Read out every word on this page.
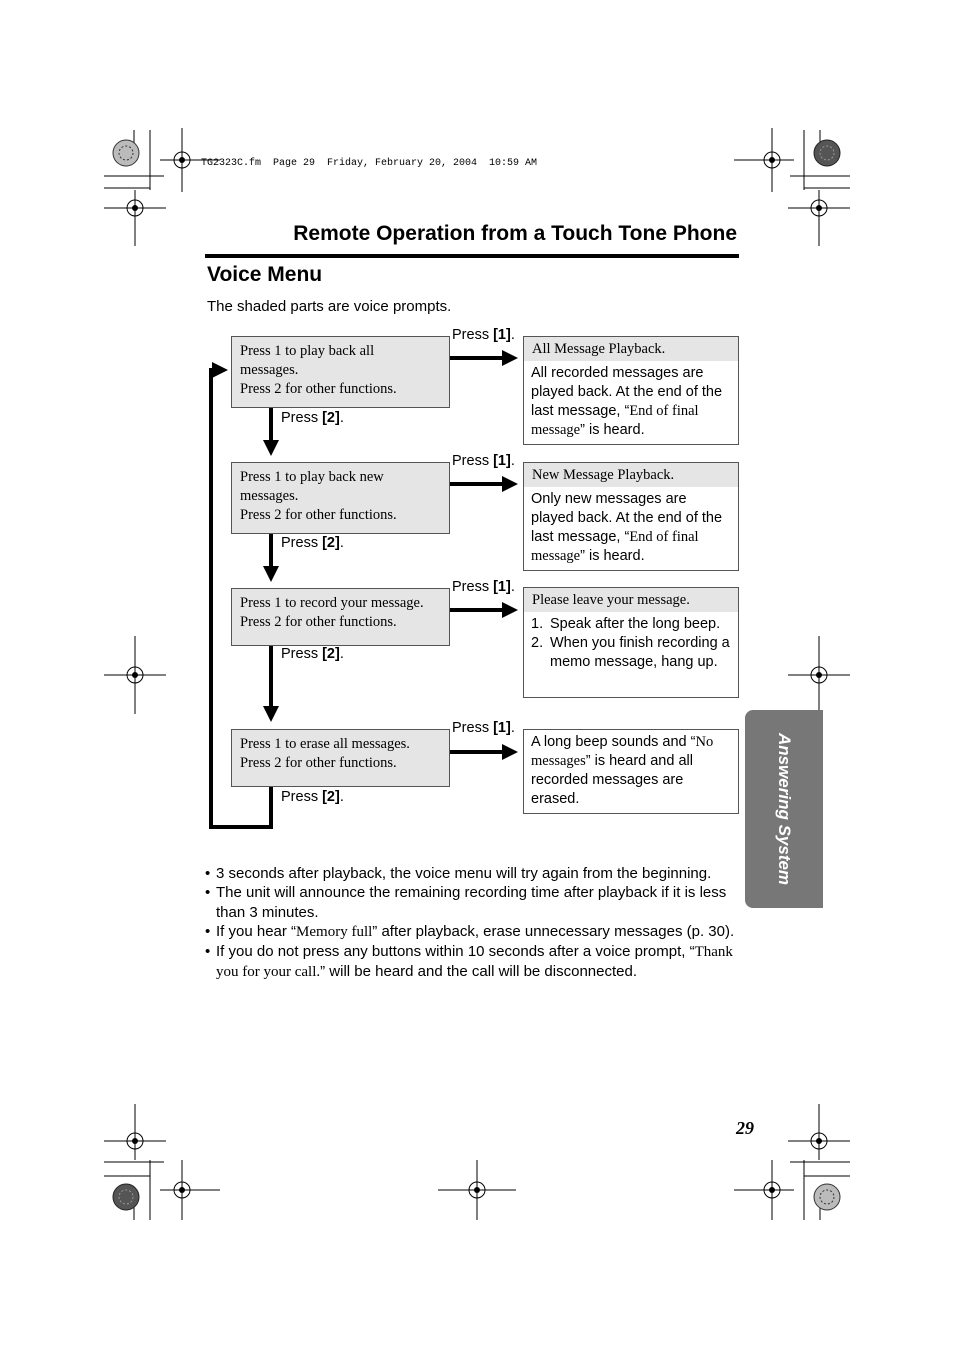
TG2323C.fm  Page 29  Friday, February 20, 2004  10:59 AM
Remote Operation from a Touch Tone Phone
Voice Menu
The shaded parts are voice prompts.
Press 1 to play back all
messages.
Press 2 for other functions.
Press [1].
Press [2].
All Message Playback.
All recorded messages are played back. At the end of the last message, “End of final message” is heard.
Press 1 to play back new
messages.
Press 2 for other functions.
Press [1].
Press [2].
New Message Playback.
Only new messages are played back. At the end of the last message, “End of final message” is heard.
Press 1 to record your message.
Press 2 for other functions.
Press [1].
Press [2].
Please leave your message.
1. Speak after the long beep.
2. When you finish recording a memo message, hang up.
Press 1 to erase all messages.
Press 2 for other functions.
Press [1].
Press [2].
A long beep sounds and “No messages” is heard and all recorded messages are erased.
• 3 seconds after playback, the voice menu will try again from the beginning.
• The unit will announce the remaining recording time after playback if it is less than 3 minutes.
• If you hear “Memory full” after playback, erase unnecessary messages (p. 30).
• If you do not press any buttons within 10 seconds after a voice prompt, “Thank you for your call.” will be heard and the call will be disconnected.
Answering System
29
